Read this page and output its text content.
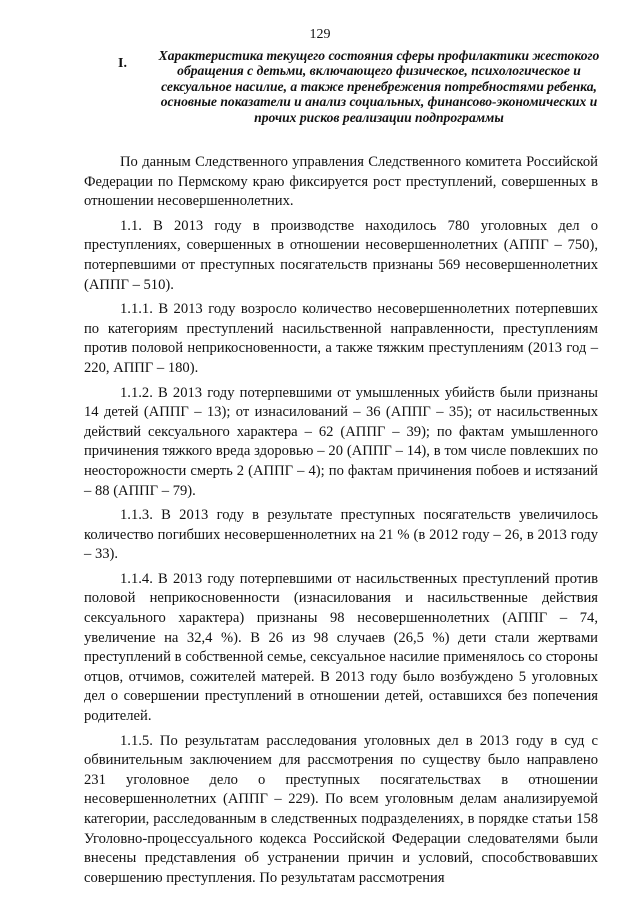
129
I.
Характеристика текущего состояния сферы профилактики жестокого обращения с детьми, включающего физическое, психологическое и сексуальное насилие, а также пренебрежения потребностями ребенка, основные показатели и анализ социальных, финансово-экономических и прочих рисков реализации подпрограммы

По данным Следственного управления Следственного комитета Российской Федерации по Пермскому краю фиксируется рост преступлений, совершенных в отношении несовершеннолетних.

1.1. В 2013 году в производстве находилось 780 уголовных дел о преступлениях, совершенных в отношении несовершеннолетних (АППГ – 750), потерпевшими от преступных посягательств признаны 569 несовершеннолетних (АППГ – 510).

1.1.1. В 2013 году возросло количество несовершеннолетних потерпевших по категориям преступлений насильственной направленности, преступлениям против половой неприкосновенности, а также тяжким преступлениям (2013 год – 220, АППГ – 180).

1.1.2. В 2013 году потерпевшими от умышленных убийств были признаны 14 детей (АППГ – 13); от изнасилований – 36 (АППГ – 35); от насильственных действий сексуального характера – 62 (АППГ – 39); по фактам умышленного причинения тяжкого вреда здоровью – 20 (АППГ – 14), в том числе повлекших по неосторожности смерть 2 (АППГ – 4); по фактам причинения побоев и истязаний – 88 (АППГ – 79).

1.1.3. В 2013 году в результате преступных посягательств увеличилось количество погибших несовершеннолетних на 21 % (в 2012 году – 26, в 2013 году – 33).

1.1.4. В 2013 году потерпевшими от насильственных преступлений против половой неприкосновенности (изнасилования и насильственные действия сексуального характера) признаны 98 несовершеннолетних (АППГ – 74, увеличение на 32,4 %). В 26 из 98 случаев (26,5 %) дети стали жертвами преступлений в собственной семье, сексуальное насилие применялось со стороны отцов, отчимов, сожителей матерей. В 2013 году было возбуждено 5 уголовных дел о совершении преступлений в отношении детей, оставшихся без попечения родителей.

1.1.5. По результатам расследования уголовных дел в 2013 году в суд с обвинительным заключением для рассмотрения по существу было направлено 231 уголовное дело о преступных посягательствах в отношении несовершеннолетних (АППГ – 229). По всем уголовным делам анализируемой категории, расследованным в следственных подразделениях, в порядке статьи 158 Уголовно-процессуального кодекса Российской Федерации следователями были внесены представления об устранении причин и условий, способствовавших совершению преступления. По результатам рассмотрения
